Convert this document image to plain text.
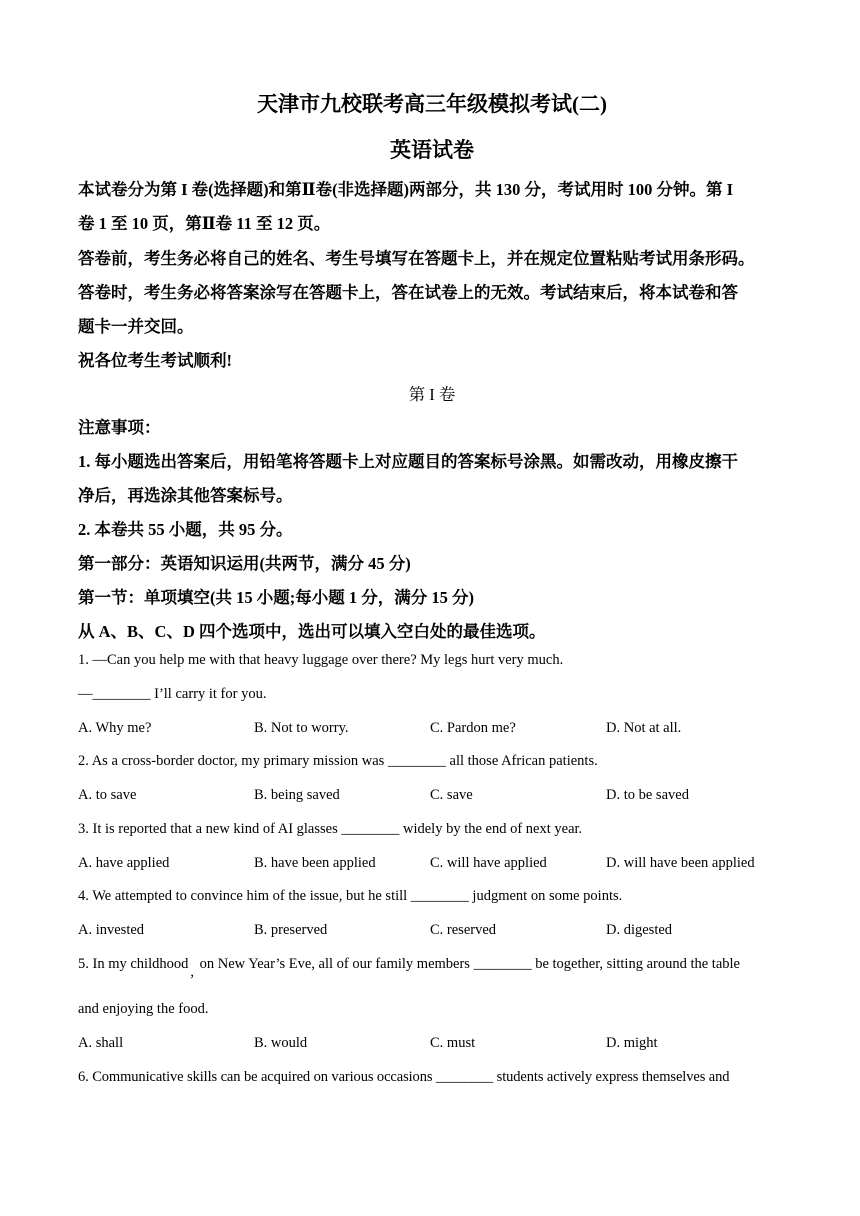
天津市九校联考高三年级模拟考试(二)
英语试卷
本试卷分为第 I 卷(选择题)和第Ⅱ卷(非选择题)两部分，共 130 分，考试用时 100 分钟。第 I
卷 1 至 10 页，第Ⅱ卷 11 至 12 页。
答卷前，考生务必将自己的姓名、考生号填写在答题卡上，并在规定位置粘贴考试用条形码。
答卷时，考生务必将答案涂写在答题卡上，答在试卷上的无效。考试结束后，将本试卷和答
题卡一并交回。
祝各位考生考试顺利!
第 I 卷
注意事项：
1. 每小题选出答案后，用铅笔将答题卡上对应题目的答案标号涂黑。如需改动，用橡皮擦干
净后，再选涂其他答案标号。
2. 本卷共 55 小题，共 95 分。
第一部分：英语知识运用(共两节，满分 45 分)
第一节：单项填空(共 15 小题;每小题 1 分，满分 15 分)
从 A、B、C、D 四个选项中，选出可以填入空白处的最佳选项。
1. —Can you help me with that heavy luggage over there? My legs hurt very much.
—________ I’ll carry it for you.
A. Why me?	B. Not to worry.	C. Pardon me?	D. Not at all.
2. As a cross-border doctor, my primary mission was ________ all those African patients.
A. to save	B. being saved	C. save	D. to be saved
3. It is reported that a new kind of AI glasses ________ widely by the end of next year.
A. have applied	B. have been applied	C. will have applied	D. will have been applied
4. We attempted to convince him of the issue, but he still ________ judgment on some points.
A. invested	B. preserved	C. reserved	D. digested
5. In my childhood , on New Year’s Eve, all of our family members ________ be together, sitting around the table
and enjoying the food.
A. shall	B. would	C. must	D. might
6. Communicative skills can be acquired on various occasions ________ students actively express themselves and
